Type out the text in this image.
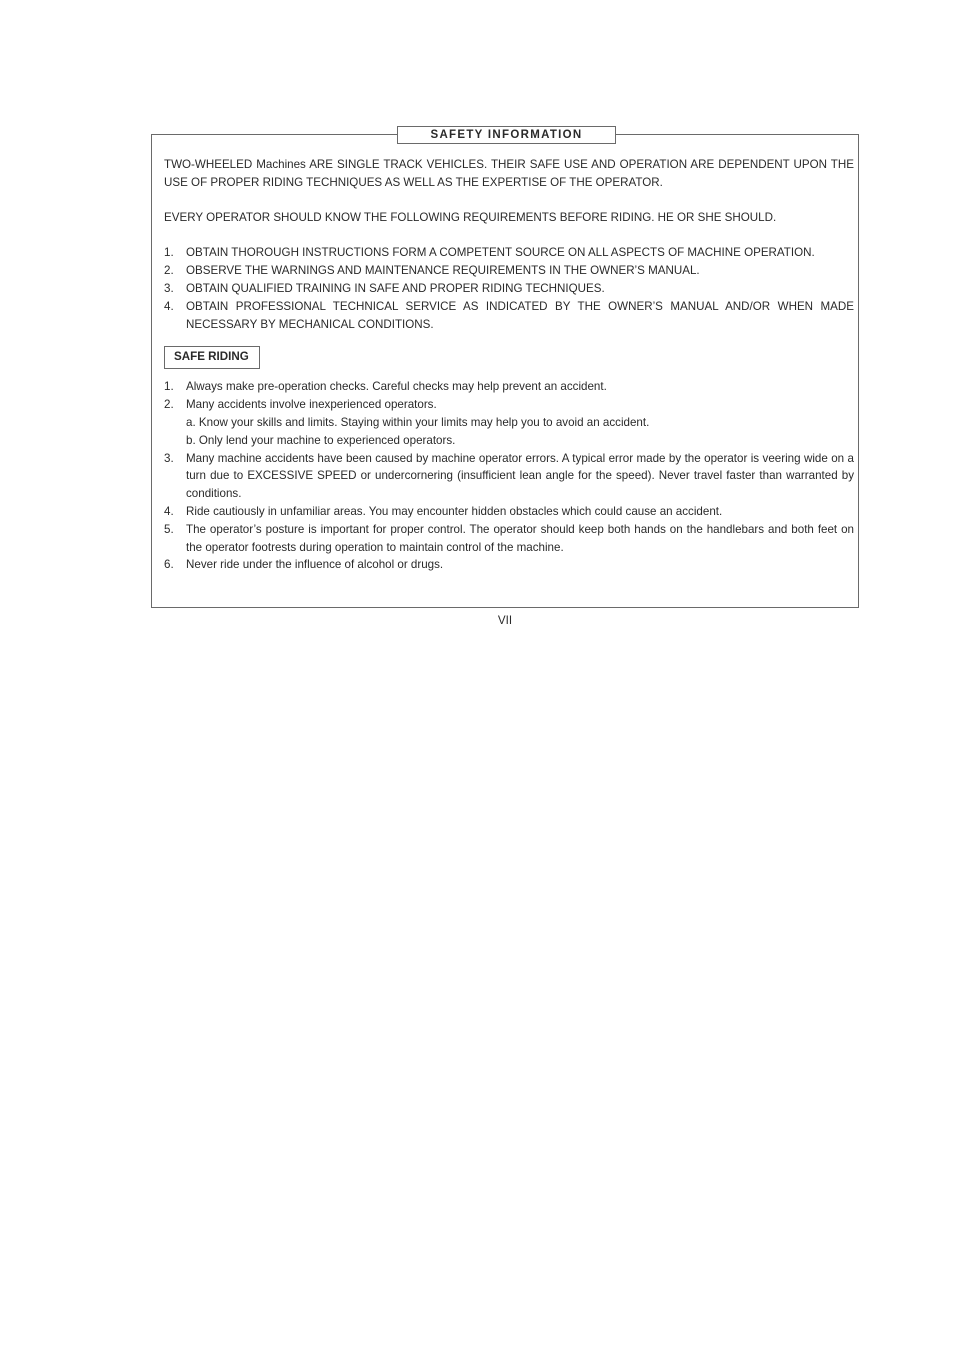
SAFETY INFORMATION

TWO-WHEELED Machines ARE SINGLE TRACK VEHICLES. THEIR SAFE USE AND OPERATION ARE DEPENDENT UPON THE USE OF PROPER RIDING TECHNIQUES AS WELL AS THE EXPERTISE OF THE OPERATOR.

EVERY OPERATOR SHOULD KNOW THE FOLLOWING REQUIREMENTS BEFORE RIDING. HE OR SHE SHOULD.

1. OBTAIN THOROUGH INSTRUCTIONS FORM A COMPETENT SOURCE ON ALL ASPECTS OF MACHINE OPERATION.
2. OBSERVE THE WARNINGS AND MAINTENANCE REQUIREMENTS IN THE OWNER’S MANUAL.
3. OBTAIN QUALIFIED TRAINING IN SAFE AND PROPER RIDING TECHNIQUES.
4. OBTAIN PROFESSIONAL TECHNICAL SERVICE AS INDICATED BY THE OWNER’S MANUAL AND/OR WHEN MADE NECESSARY BY MECHANICAL CONDITIONS.
SAFE RIDING
1. Always make pre-operation checks. Careful checks may help prevent an accident.
2. Many accidents involve inexperienced operators.
a. Know your skills and limits. Staying within your limits may help you to avoid an accident.
b. Only lend your machine to experienced operators.
3. Many machine accidents have been caused by machine operator errors. A typical error made by the operator is veering wide on a turn due to EXCESSIVE SPEED or undercornering (insufficient lean angle for the speed). Never travel faster than warranted by conditions.
4. Ride cautiously in unfamiliar areas. You may encounter hidden obstacles which could cause an accident.
5. The operator’s posture is important for proper control. The operator should keep both hands on the handlebars and both feet on the operator footrests during operation to maintain control of the machine.
6. Never ride under the influence of alcohol or drugs.
VII
